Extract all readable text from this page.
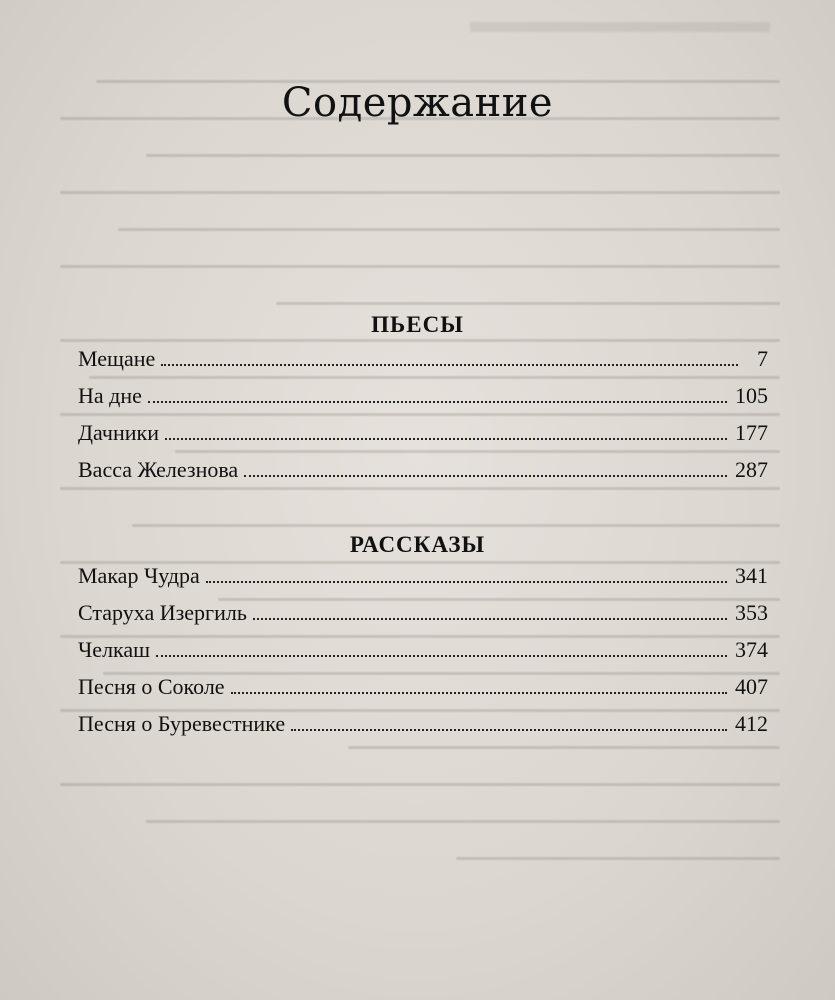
Содержание
ПЬЕСЫ
Мещане	7
На дне	105
Дачники	177
Васса Железнова	287
РАССКАЗЫ
Макар Чудра	341
Старуха Изергиль	353
Челкаш	374
Песня о Соколе	407
Песня о Буревестнике	412
